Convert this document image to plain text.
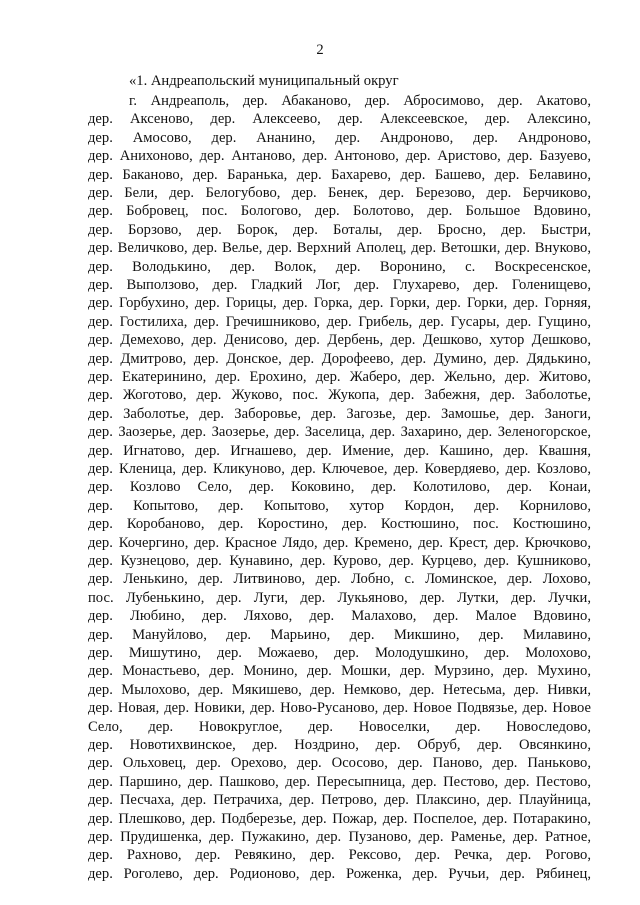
2
«1. Андреапольский муниципальный округ
г. Андреаполь, дер. Абаканово, дер. Абросимово, дер. Акатово,
дер. Аксеново, дер. Алексеево, дер. Алексеевское, дер. Алексино,
дер. Амосово, дер. Ананино, дер. Андроново, дер. Андроново,
дер. Анихоново, дер. Антаново, дер. Антоново, дер. Аристово, дер. Базуево,
дер. Баканово, дер. Баранька, дер. Бахарево, дер. Башево, дер. Белавино,
дер. Бели, дер. Белогубово, дер. Бенек, дер. Березово, дер. Берчиково,
дер. Бобровец, пос. Бологово, дер. Болотово, дер. Большое Вдовино,
дер. Борзово, дер. Борок, дер. Боталы, дер. Бросно, дер. Быстри,
дер. Величково, дер. Велье, дер. Верхний Аполец, дер. Ветошки, дер. Внуково,
дер. Володькино, дер. Волок, дер. Воронино, с. Воскресенское,
дер. Выползово, дер. Гладкий Лог, дер. Глухарево, дер. Голенищево,
дер. Горбухино, дер. Горицы, дер. Горка, дер. Горки, дер. Горки, дер. Горняя,
дер. Гостилиха, дер. Гречишниково, дер. Грибель, дер. Гусары, дер. Гущино,
дер. Демехово, дер. Денисово, дер. Дербень, дер. Дешково, хутор Дешково,
дер. Дмитрово, дер. Донское, дер. Дорофеево, дер. Думино, дер. Дядькино,
дер. Екатеринино, дер. Ерохино, дер. Жаберо, дер. Жельно, дер. Житово,
дер. Жоготово, дер. Жуково, пос. Жукопа, дер. Забежня, дер. Заболотье,
дер. Заболотье, дер. Заборовье, дер. Загозье, дер. Замошье, дер. Заноги,
дер. Заозерье, дер. Заозерье, дер. Заселица, дер. Захарино, дер. Зеленогорское,
дер. Игнатово, дер. Игнашево, дер. Имение, дер. Кашино, дер. Квашня,
дер. Кленица, дер. Кликуново, дер. Ключевое, дер. Ковердяево, дер. Козлово,
дер. Козлово Село, дер. Коковино, дер. Колотилово, дер. Конаи,
дер. Копытово, дер. Копытово, хутор Кордон, дер. Корнилово,
дер. Коробаново, дер. Коростино, дер. Костюшино, пос. Костюшино,
дер. Кочергино, дер. Красное Лядо, дер. Кремено, дер. Крест, дер. Крючково,
дер. Кузнецово, дер. Кунавино, дер. Курово, дер. Курцево, дер. Кушниково,
дер. Ленькино, дер. Литвиново, дер. Лобно, с. Ломинское, дер. Лохово,
пос. Лубенькино, дер. Луги, дер. Лукьяново, дер. Лутки, дер. Лучки,
дер. Любино, дер. Ляхово, дер. Малахово, дер. Малое Вдовино,
дер. Мануйлово, дер. Марьино, дер. Микшино, дер. Милавино,
дер. Мишутино, дер. Можаево, дер. Молодушкино, дер. Молохово,
дер. Монастьево, дер. Монино, дер. Мошки, дер. Мурзино, дер. Мухино,
дер. Мылохово, дер. Мякишево, дер. Немково, дер. Нетесьма, дер. Нивки,
дер. Новая, дер. Новики, дер. Ново-Русаново, дер. Новое Подвязье, дер. Новое
Село, дер. Новокруглое, дер. Новоселки, дер. Новоследово,
дер. Новотихвинское, дер. Ноздрино, дер. Обруб, дер. Овсянкино,
дер. Ольховец, дер. Орехово, дер. Ососово, дер. Паново, дер. Панькoво,
дер. Паршино, дер. Пашково, дер. Пересыпница, дер. Пестово, дер. Пестово,
дер. Песчаха, дер. Петрачиха, дер. Петрово, дер. Плаксино, дер. Плауйница,
дер. Плешково, дер. Подберезье, дер. Пожар, дер. Поспелое, дер. Потаракино,
дер. Прудишенка, дер. Пужакино, дер. Пузаново, дер. Раменье, дер. Ратное,
дер. Рахново, дер. Ревякино, дер. Рексово, дер. Речка, дер. Рогово,
дер. Роголево, дер. Родионово, дер. Роженка, дер. Ручьи, дер. Рябинец,
